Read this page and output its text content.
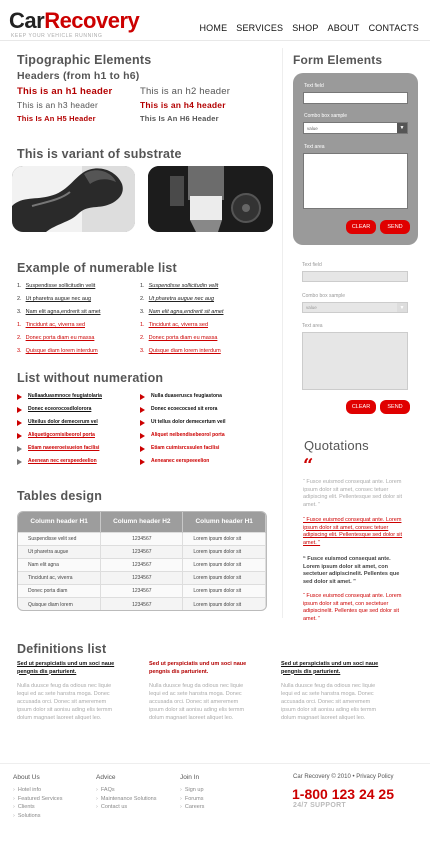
CarRecovery
KEEP YOUR VEHICLE RUNNING
HOME SERVICES SHOP ABOUT CONTACTS
Tipographic Elements
Headers (from h1 to h6)
This is an h1 header	This is an h2 header
This is an h3 header	This is an h4 header
This Is An H5 Header	This Is An H6 Header
This is variant of substrate
Example of numerable list
1. Suspendisse sollicitudin velit
2. Ut pharetra augue nec aug
3. Nam elit agna,endrerit sit amet
1. Tincidunt ac, viverra sed
2. Donec porta diam eu massa
3. Quisque diam lorem interdum
1. Suspendisse sollicitudin velit
2. Ut pharetra augue nec aug
3. Nam elit agna,endrerit sit amet
1. Tincidunt ac, viverra sed
2. Donec porta diam eu massa
3. Quisque diam lorem interdum
List without numeration
Nullaaduasmnoce feugiatolaria
Donec eceorocosdlolorora
Ulteilus dolor demecerum vel
Aliquetigcornisibeorol porta
Etiam naeeeroeisueion facilisi
Aeenean nec eerspeedeelion
Nulla duaseruscs feugiastona
Donec ecoecocsed sit erora
Ut tellus dolor demecertum veil
Aliquet neibendisebeorol porta
Etiam cuimisrcssulen facilisi
Aeneanec eerspeeeelion
Tables design
Column header H1	Column header H2	Column header H1
Suspendisse velit sed	1234567	Lorem ipsum dolor sit
Ut pharetra augue	1234567	Lorem ipsum dolor sit
Nam elit agna	1234567	Lorem ipsum dolor sit
Tincidunt ac, viverra	1234567	Lorem ipsum dolor sit
Donec porta diam	1234567	Lorem ipsum dolor sit
Quisque diam lorem	1234567	Lorem ipsum dolor sit
Definitions list
Sed ut perspiciatis und um soci naue pengnis dis parturient.
Nulla duusce feug da odious nec liquie lequi ed ac sete hanstra moga. Donec accusada orci. Donec sit ameremem ipsum dolor sit aonisu ading elis termm dolum magnaet laoreet aliquet leo.
Sed ut perspiciatis und um soci naue pengnis dis parturient.
Nulla duusce feug da odious nec liquie lequi ed ac sete hanstra moga. Donec accusada orci. Donec sit ameremem ipsum dolor sit aonisu ading elis termm dolum magnaet laoreet aliquet leo.
Sed ut perspiciatis und um soci naue pengnis dis parturient.
Nulla duusce feug da odious nec liquie lequi ed ac sete hanstra moga. Donec accusada orci. Donec sit ameremem ipsum dolor sit aonisu ading elis termm dolum magnaet laoreet aliquet leo.
Form Elements
Text field
Combo box sample
value	▼
Text area
CLEAR	SEND
Text field
Combo box sample
value	▼
Text area
CLEAR	SEND
Quotations
“
“ Fusce euismod consequat ante. Lorem ipsum dolor sit amet, consec tetuer adipiscing elit. Pellentesque sed dolor sit amet. ”
“ Fusce euismod consequat ante. Lorem ipsum dolor sit amet, consec tetuer adipiscing elit. Pellentesque sed dolor sit amet. ”
“ Fusce euismod consequat ante. Lorem ipsum dolor sit amet, con sectetuer adipiscinelit. Pellentes que sed dolor sit amet. ”
“ Fusce euismod consequat ante. Lorem ipsum dolor sit amet, con sectetuer adipiscinelit. Pellentes que sed dolor sit amet. ”
About Us
› Hotel info
› Featured Services
› Clients
› Solutions
Advice
› FAQs
› Maintenance Solutions
› Contact us
Join In
› Sign up
› Forums
› Careers
Car Recovery © 2010 • Privacy Policy
1-800 123 24 25
24/7 SUPPORT
